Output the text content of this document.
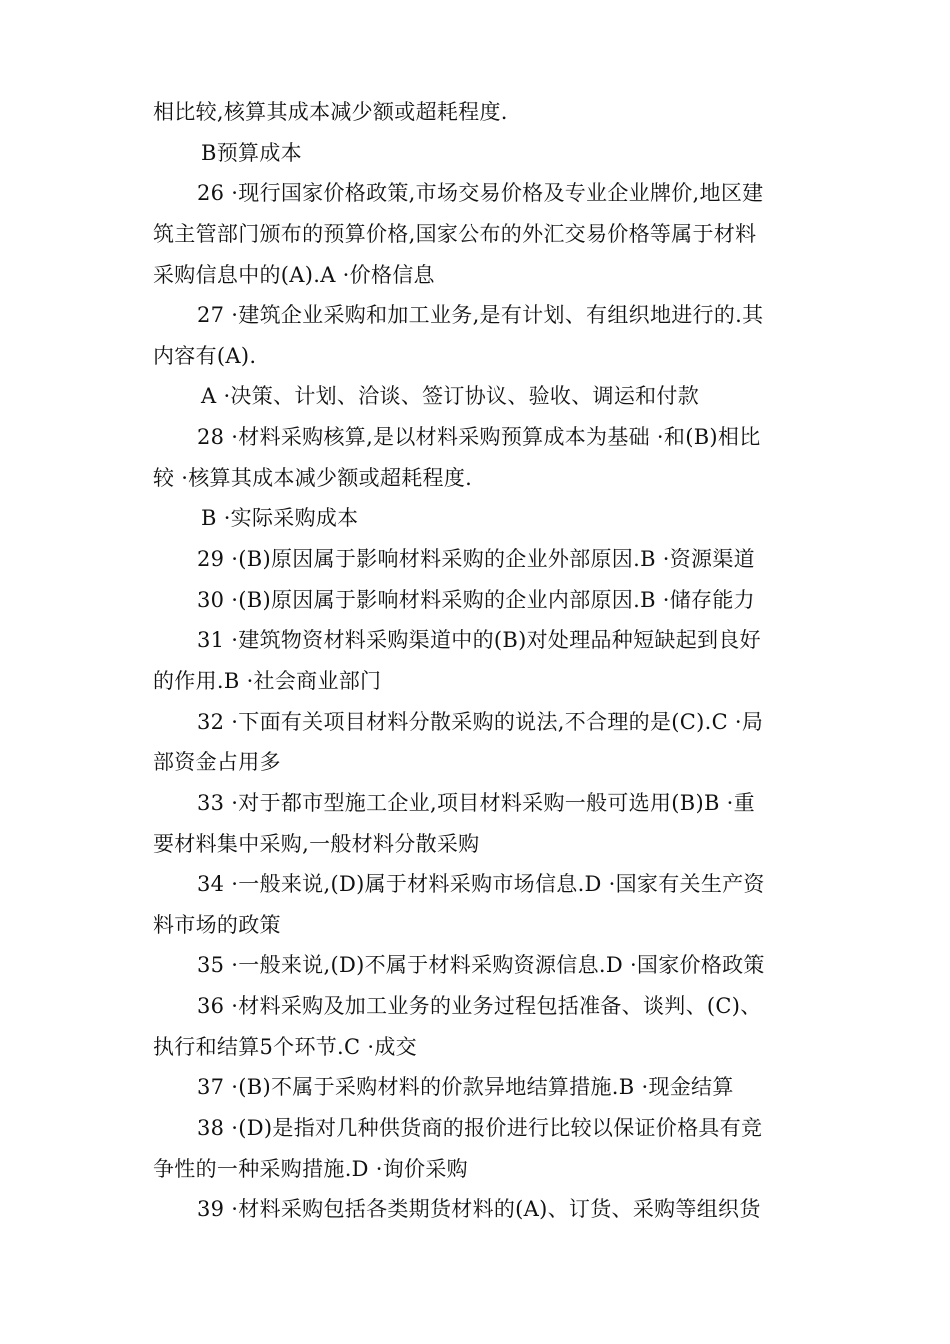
相比较,核算其成本减少额或超耗程度.
B预算成本
26 ·现行国家价格政策,市场交易价格及专业企业牌价,地区建
筑主管部门颁布的预算价格,国家公布的外汇交易价格等属于材料
采购信息中的(A).A ·价格信息
27 ·建筑企业采购和加工业务,是有计划、有组织地进行的.其
内容有(A).
A ·决策、计划、洽谈、签订协议、验收、调运和付款
28 ·材料采购核算,是以材料采购预算成本为基础 ·和(B)相比
较 ·核算其成本减少额或超耗程度.
B ·实际采购成本
29 ·(B)原因属于影响材料采购的企业外部原因.B ·资源渠道
30 ·(B)原因属于影响材料采购的企业内部原因.B ·储存能力
31 ·建筑物资材料采购渠道中的(B)对处理品种短缺起到良好
的作用.B ·社会商业部门
32 ·下面有关项目材料分散采购的说法,不合理的是(C).C ·局
部资金占用多
33 ·对于都市型施工企业,项目材料采购一般可选用(B)B ·重
要材料集中采购,一般材料分散采购
34 ·一般来说,(D)属于材料采购市场信息.D ·国家有关生产资
料市场的政策
35 ·一般来说,(D)不属于材料采购资源信息.D ·国家价格政策
36 ·材料采购及加工业务的业务过程包括准备、谈判、(C)、
执行和结算5个环节.C ·成交
37 ·(B)不属于采购材料的价款异地结算措施.B ·现金结算
38 ·(D)是指对几种供货商的报价进行比较以保证价格具有竞
争性的一种采购措施.D ·询价采购
39 ·材料采购包括各类期货材料的(A)、订货、采购等组织货
